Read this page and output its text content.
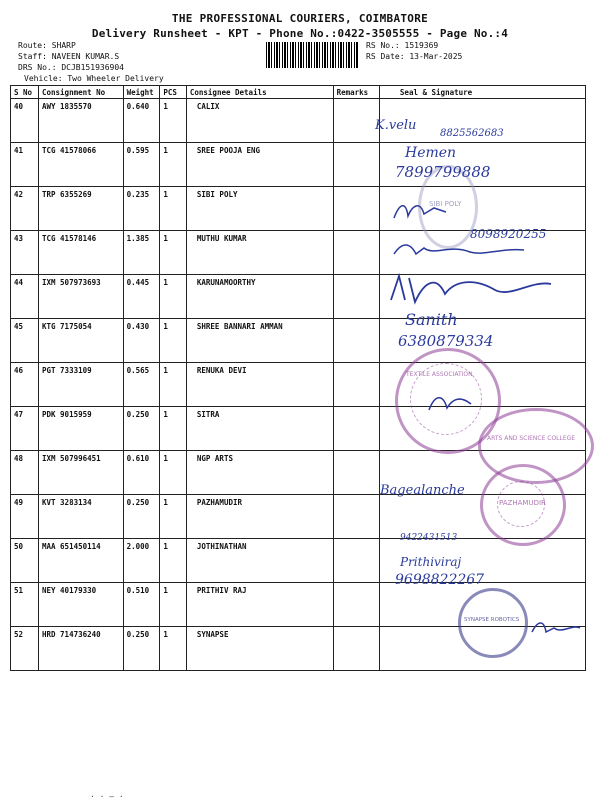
THE PROFESSIONAL COURIERS, COIMBATORE
Delivery Runsheet - KPT - Phone No.:0422-3505555 - Page No.:4
Route: SHARP
Staff: NAVEEN KUMAR.S
DRS No.: DCJB151936904
Vehicle: Two Wheeler Delivery
RS No.: 1519369
RS Date: 13-Mar-2025
S No	Consignment No	Weight	PCS	Consignee Details	Remarks	Seal & Signature
40	AWY 1835570	0.640	1	CALIX		
41	TCG 41578066	0.595	1	SREE POOJA ENG		
42	TRP 6355269	0.235	1	SIBI POLY		
43	TCG 41578146	1.385	1	MUTHU KUMAR		
44	IXM 507973693	0.445	1	KARUNAMOORTHY		
45	KTG 7175054	0.430	1	SHREE BANNARI AMMAN		
46	PGT 7333109	0.565	1	RENUKA DEVI		
47	PDK 9015959	0.250	1	SITRA		
48	IXM 507996451	0.610	1	NGP ARTS		
49	KVT 3283134	0.250	1	PAZHAMUDIR		
50	MAA 651450114	2.000	1	JOTHINATHAN		
51	NEY 40179330	0.510	1	PRITHIV RAJ		
52	HRD 714736240	0.250	1	SYNAPSE		
SIBI POLY
TEXTILE ASSOCIATION
ARTS AND SCIENCE COLLEGE
PAZHAMUDIR
SYNAPSE ROBOTICS
K.velu
8825562683
Hemen
7899799888
8098920255
Sanith
6380879334
Bagealanche
9422431513
Prithiviraj
9698822267
· · — ·
